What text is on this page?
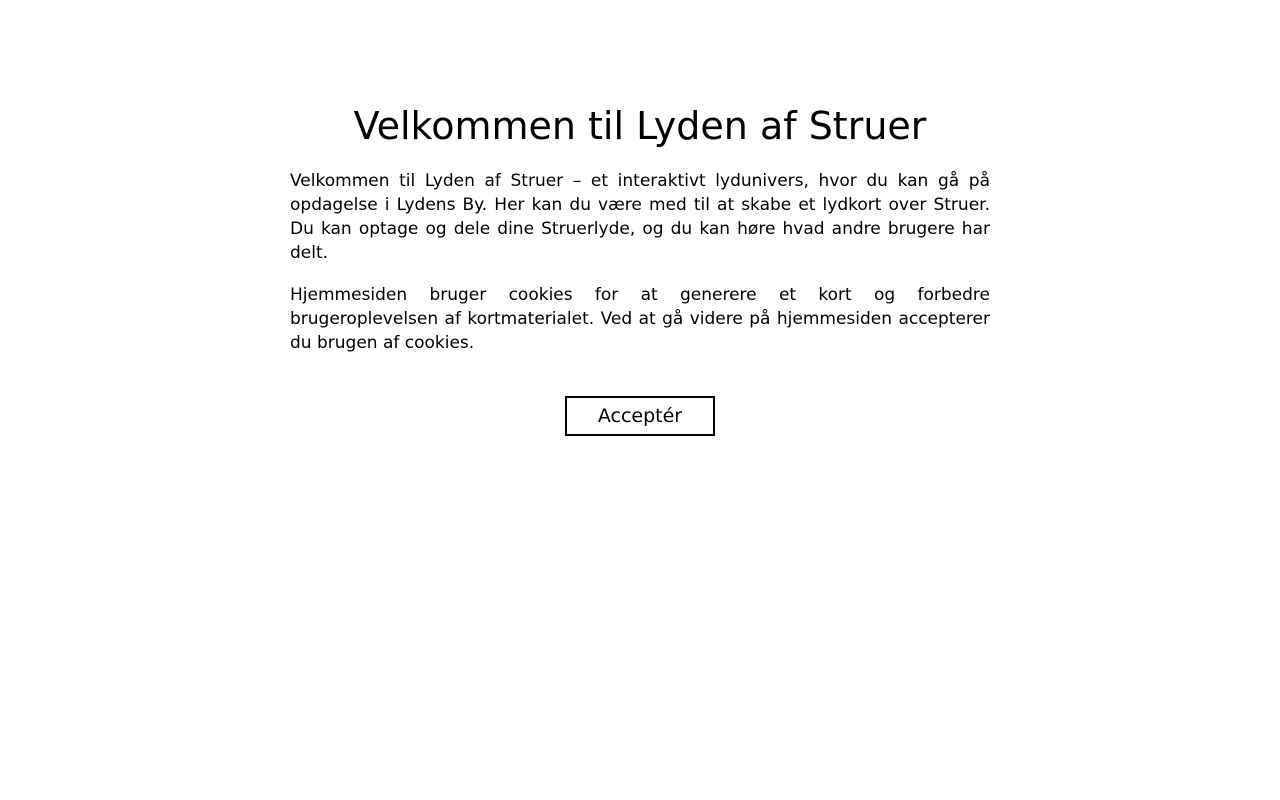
Velkommen til Lyden af Struer

Velkommen til Lyden af Struer – et interaktivt lydunivers, hvor du kan gå på opdagelse i Lydens By. Her kan du være med til at skabe et lydkort over Struer. Du kan optage og dele dine Struerlyde, og du kan høre hvad andre brugere har delt.

Hjemmesiden bruger cookies for at generere et kort og forbedre brugeroplevelsen af kortmaterialet. Ved at gå videre på hjemmesiden accepterer du brugen af cookies.

Acceptér
